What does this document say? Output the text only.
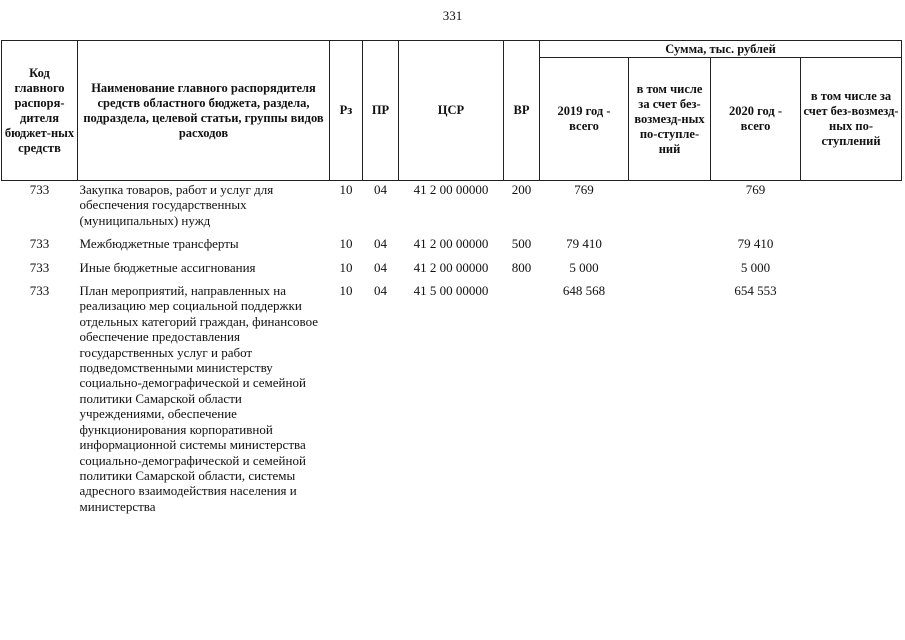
331
Код главного распоря-дителя бюджет-ных средств	Наименование главного распорядителя средств областного бюджета, раздела, подраздела, целевой статьи, группы видов расходов	Рз	ПР	ЦСР	ВР	Сумма, тыс. рублей			
						2019 год - всего	в том числе за счет без-возмезд-ных по-ступле-ний	2020 год - всего	в том числе за счет без-возмезд-ных по-ступлений
733	Закупка товаров, работ и услуг для обеспечения государственных (муниципальных) нужд	10	04	41 2 00 00000	200	769		769	
733	Межбюджетные трансферты	10	04	41 2 00 00000	500	79 410		79 410	
733	Иные бюджетные ассигнования	10	04	41 2 00 00000	800	5 000		5 000	
733	План мероприятий, направленных на реализацию мер социальной поддержки отдельных категорий граждан, финансовое обеспечение предоставления государственных услуг и работ подведомственными министерству социально-демографической и семейной политики Самарской области учреждениями, обеспечение функционирования корпоративной информационной системы министерства социально-демографической и семейной политики Самарской области, системы адресного взаимодействия населения и министерства	10	04	41 5 00 00000		648 568		654 553	
